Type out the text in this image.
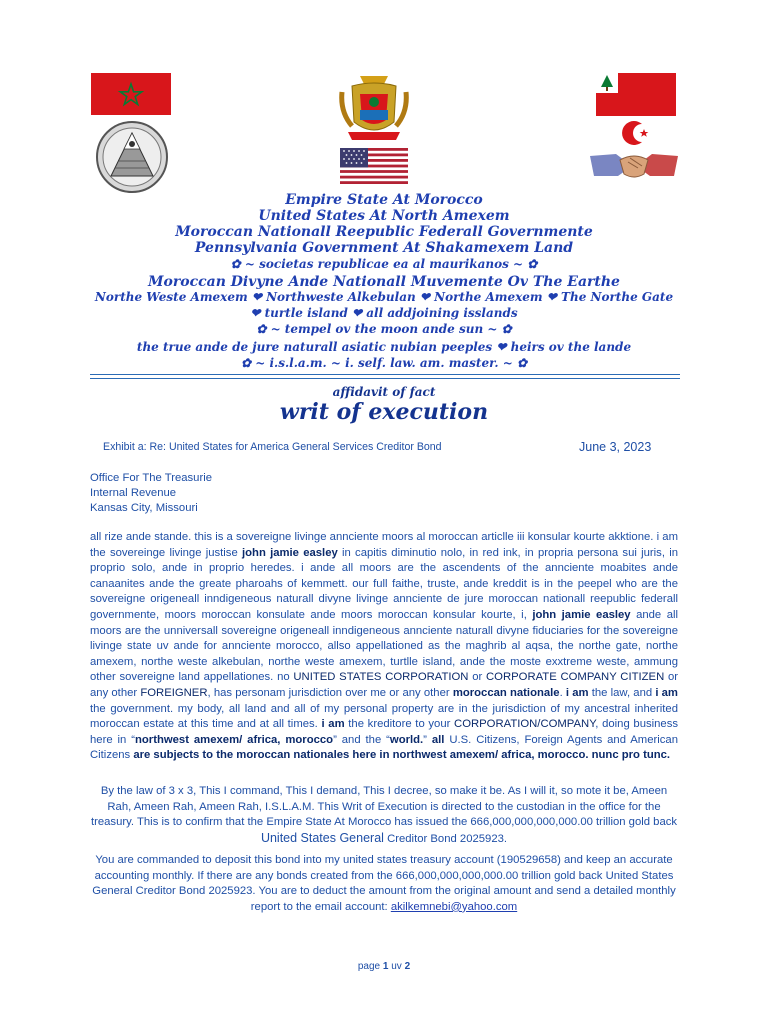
Empire State At Morocco
United States At North Amexem
Moroccan Nationall Reepublic Federall Governmente
Pennsylvania Government At Shakamexem Land
✿ ~ societas republicae ea al maurikanos ~ ✿
Moroccan Divyne Ande Nationall Muvemente Ov The Earthe
Northe Weste Amexem ❤ Northweste Alkebulan ❤ Northe Amexem ❤ The Northe Gate
❤ turtle island ❤ all addjoining isslands
✿ ~ tempel ov the moon ande sun ~ ✿
the true ande de jure naturall asiatic nubian peeples ❤ heirs ov the lande
✿ ~ i.s.l.a.m. ~ i. self. law. am. master. ~ ✿
affidavit of fact
writ of execution
Exhibit a: Re: United States for America General Services Creditor Bond	June 3, 2023
Office For The Treasurie
Internal Revenue
Kansas City, Missouri
all rize ande stande. this is a sovereigne livinge annciente moors al moroccan articlle iii konsular kourte akktione. i am the sovereinge livinge justise john jamie easley in capitis diminutio nolo, in red ink, in propria persona sui juris, in proprio solo, ande in proprio heredes. i ande all moors are the ascendents of the annciente moabites ande canaanites ande the greate pharoahs of kemmett. our full faithe, truste, ande kreddit is in the peepel who are the sovereigne origeneall inndigeneous naturall divyne livinge annciente de jure moroccan nationall reepublic federall governmente, moors moroccan konsulate ande moors moroccan konsular kourte, i, john jamie easley ande all moors are the unniversall sovereigne origeneall inndigeneous annciente naturall divyne fiduciaries for the sovereigne livinge state uv ande for annciente morocco, allso appellationed as the maghrib al aqsa, the northe gate, northe amexem, northe weste alkebulan, northe weste amexem, turtlle island, ande the moste exxtreme weste, ammung other sovereigne land appellationes. no UNITED STATES CORPORATION or CORPORATE COMPANY CITIZEN or any other FOREIGNER, has personam jurisdiction over me or any other moroccan nationale. i am the law, and i am the government. my body, all land and all of my personal property are in the jurisdiction of my ancestral inherited moroccan estate at this time and at all times. i am the kreditore to your CORPORATION/COMPANY, doing business here in “northwest amexem/ africa, morocco” and the “world.” all U.S. Citizens, Foreign Agents and American Citizens are subjects to the moroccan nationales here in northwest amexem/ africa, morocco. nunc pro tunc.
By the law of 3 x 3, This I command, This I demand, This I decree, so make it be. As I will it, so mote it be, Ameen Rah, Ameen Rah, Ameen Rah, I.S.L.A.M. This Writ of Execution is directed to the custodian in the office for the treasury. This is to confirm that the Empire State At Morocco has issued the 666,000,000,000,000.00 trillion gold back United States General Creditor Bond 2025923.
You are commanded to deposit this bond into my united states treasury account (190529658) and keep an accurate accounting monthly. If there are any bonds created from the 666,000,000,000,000.00 trillion gold back United States General Creditor Bond 2025923. You are to deduct the amount from the original amount and send a detailed monthly report to the email account: akilkemnebi@yahoo.com
page 1 uv 2
